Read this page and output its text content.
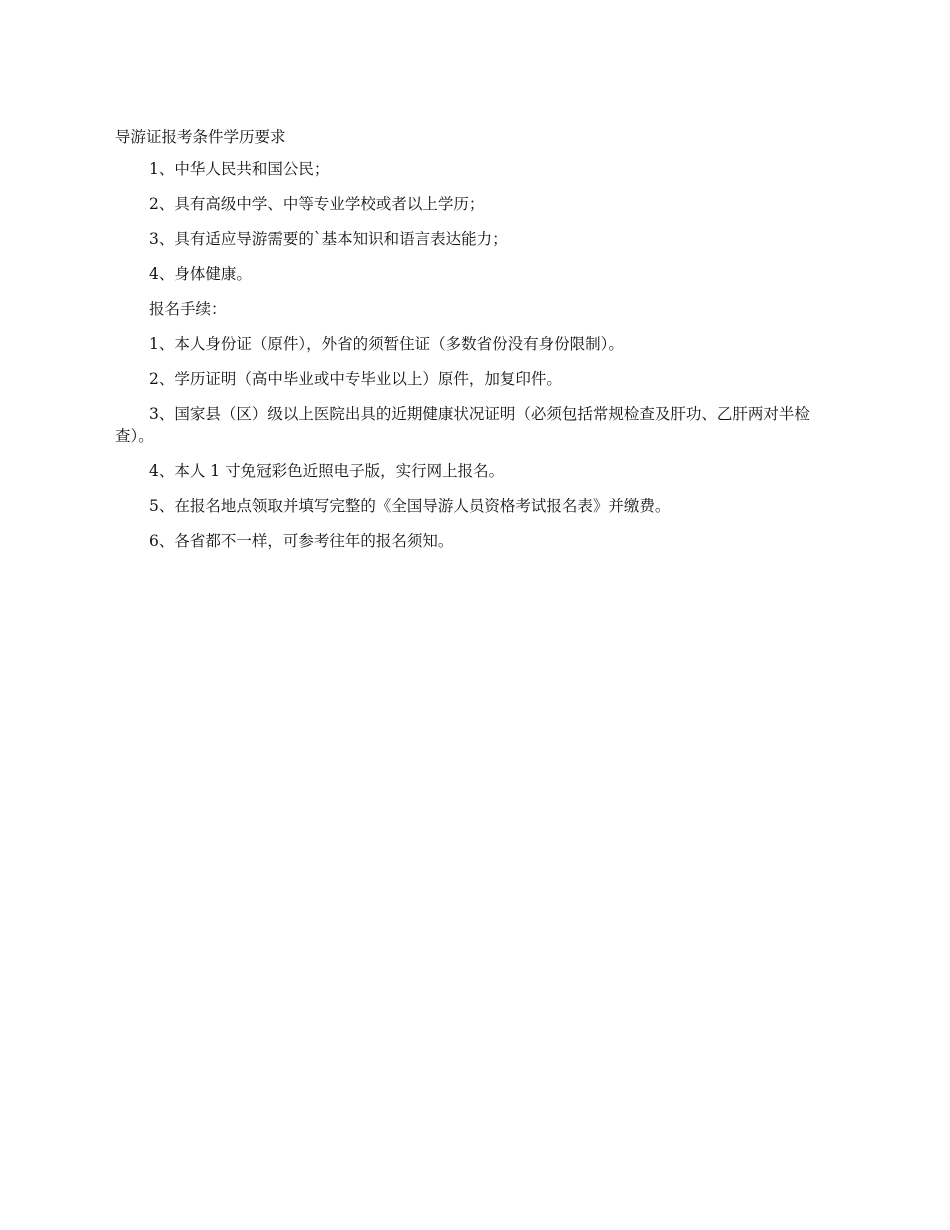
导游证报考条件学历要求

1、中华人民共和国公民；

2、具有高级中学、中等专业学校或者以上学历；

3、具有适应导游需要的`基本知识和语言表达能力；

4、身体健康。

报名手续：

1、本人身份证（原件），外省的须暂住证（多数省份没有身份限制）。

2、学历证明（高中毕业或中专毕业以上）原件，加复印件。

3、国家县（区）级以上医院出具的近期健康状况证明（必须包括常规检查及肝功、乙肝两对半检查）。

4、本人 1 寸免冠彩色近照电子版，实行网上报名。

5、在报名地点领取并填写完整的《全国导游人员资格考试报名表》并缴费。

6、各省都不一样，可参考往年的报名须知。
